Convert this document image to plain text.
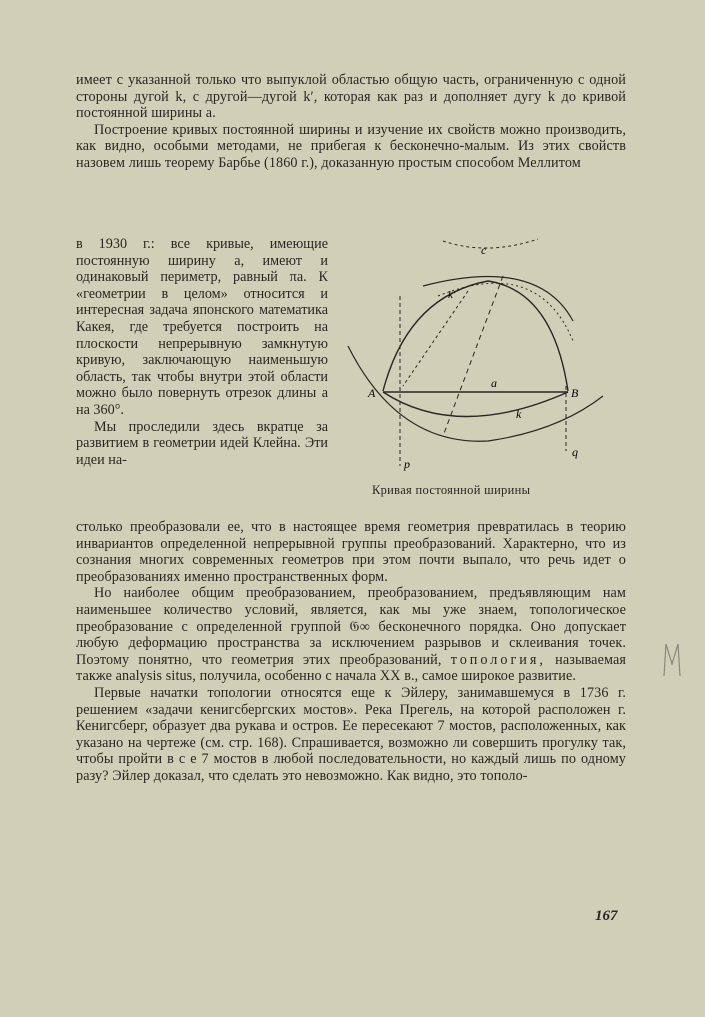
имеет с указанной только что выпуклой областью общую часть, ограниченную с одной стороны дугой k, с другой—дугой k′, которая как раз и дополняет дугу k до кривой постоянной ширины a.

Построение кривых постоянной ширины и изучение их свойств можно производить, как видно, особыми методами, не прибегая к бесконечно-малым. Из этих свойств назовем лишь теорему Барбье (1860 г.), доказанную простым способом Меллитом

в 1930 г.: все кривые, имеющие постоянную ширину a, имеют и одинаковый периметр, равный πa. К «геометрии в целом» относится и интересная задача японского математика Какея, где требуется построить на плоскости непрерывную замкнутую кривую, заключающую наименьшую область, так чтобы внутри этой области можно было повернуть отрезок длины a на 360°.

Мы проследили здесь вкратце за развитием в геометрии идей Клейна. Эти идеи на-

c
k′
a
A	B
k
p
q
Кривая постоянной ширины

столько преобразовали ее, что в настоящее время геометрия превратилась в теорию инвариантов определенной непрерывной группы преобразований. Характерно, что из сознания многих современных геометров при этом почти выпало, что речь идет о преобразованиях именно пространственных форм.

Но наиболее общим преобразованием, преобразованием, предъявляющим нам наименьшее количество условий, является, как мы уже знаем, топологическое преобразование с определенной группой 𝔊∞ бесконечного порядка. Оно допускает любую деформацию пространства за исключением разрывов и склеивания точек. Поэтому понятно, что геометрия этих преобразований, топология, называемая также analysis situs, получила, особенно с начала XX в., самое широкое развитие.

Первые начатки топологии относятся еще к Эйлеру, занимавшемуся в 1736 г. решением «задачи кенигсбергских мостов». Река Прегель, на которой расположен г. Кенигсберг, образует два рукава и остров. Ее пересекают 7 мостов, расположенных, как указано на чертеже (см. стр. 168). Спрашивается, возможно ли совершить прогулку так, чтобы пройти в с е 7 мостов в любой последовательности, но каждый лишь по одному разу? Эйлер доказал, что сделать это невозможно. Как видно, это тополо-

167
